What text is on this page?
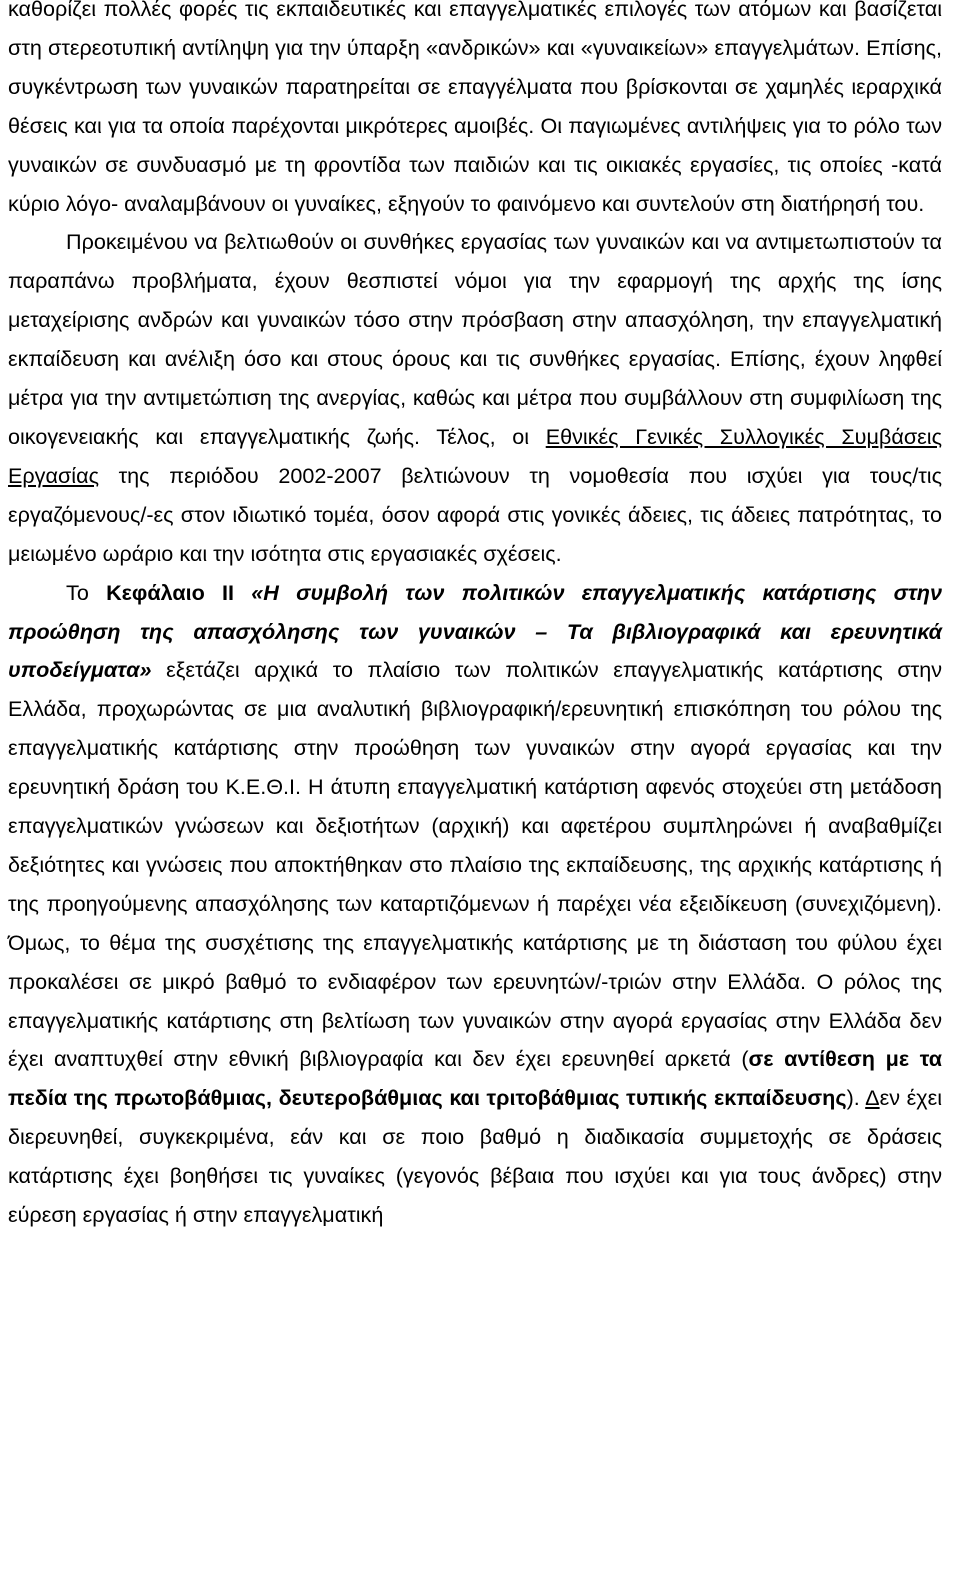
καθορίζει πολλές φορές τις εκπαιδευτικές και επαγγελματικές επιλογές των ατόμων και βασίζεται στη στερεοτυπική αντίληψη για την ύπαρξη «ανδρικών» και «γυναικείων» επαγγελμάτων. Επίσης, συγκέντρωση των γυναικών παρατηρείται σε επαγγέλματα που βρίσκονται σε χαμηλές ιεραρχικά θέσεις και για τα οποία παρέχονται μικρότερες αμοιβές. Οι παγιωμένες αντιλήψεις για το ρόλο των γυναικών σε συνδυασμό με τη φροντίδα των παιδιών και τις οικιακές εργασίες, τις οποίες -κατά κύριο λόγο- αναλαμβάνουν οι γυναίκες, εξηγούν το φαινόμενο και συντελούν στη διατήρησή του.

Προκειμένου να βελτιωθούν οι συνθήκες εργασίας των γυναικών και να αντιμετωπιστούν τα παραπάνω προβλήματα, έχουν θεσπιστεί νόμοι για την εφαρμογή της αρχής της ίσης μεταχείρισης ανδρών και γυναικών τόσο στην πρόσβαση στην απασχόληση, την επαγγελματική εκπαίδευση και ανέλιξη όσο και στους όρους και τις συνθήκες εργασίας. Επίσης, έχουν ληφθεί μέτρα για την αντιμετώπιση της ανεργίας, καθώς και μέτρα που συμβάλλουν στη συμφιλίωση της οικογενειακής και επαγγελματικής ζωής. Τέλος, οι Εθνικές Γενικές Συλλογικές Συμβάσεις Εργασίας της περιόδου 2002-2007 βελτιώνουν τη νομοθεσία που ισχύει για τους/τις εργαζόμενους/-ες στον ιδιωτικό τομέα, όσον αφορά στις γονικές άδειες, τις άδειες πατρότητας, το μειωμένο ωράριο και την ισότητα στις εργασιακές σχέσεις.

Το Κεφάλαιο ΙΙ «Η συμβολή των πολιτικών επαγγελματικής κατάρτισης στην προώθηση της απασχόλησης των γυναικών – Τα βιβλιογραφικά και ερευνητικά υποδείγματα» εξετάζει αρχικά το πλαίσιο των πολιτικών επαγγελματικής κατάρτισης στην Ελλάδα, προχωρώντας σε μια αναλυτική βιβλιογραφική/ερευνητική επισκόπηση του ρόλου της επαγγελματικής κατάρτισης στην προώθηση των γυναικών στην αγορά εργασίας και την ερευνητική δράση του Κ.Ε.Θ.Ι. Η άτυπη επαγγελματική κατάρτιση αφενός στοχεύει στη μετάδοση επαγγελματικών γνώσεων και δεξιοτήτων (αρχική) και αφετέρου συμπληρώνει ή αναβαθμίζει δεξιότητες και γνώσεις που αποκτήθηκαν στο πλαίσιο της εκπαίδευσης, της αρχικής κατάρτισης ή της προηγούμενης απασχόλησης των καταρτιζόμενων ή παρέχει νέα εξειδίκευση (συνεχιζόμενη). Όμως, το θέμα της συσχέτισης της επαγγελματικής κατάρτισης με τη διάσταση του φύλου έχει προκαλέσει σε μικρό βαθμό το ενδιαφέρον των ερευνητών/-τριών στην Ελλάδα. Ο ρόλος της επαγγελματικής κατάρτισης στη βελτίωση των γυναικών στην αγορά εργασίας στην Ελλάδα δεν έχει αναπτυχθεί στην εθνική βιβλιογραφία και δεν έχει ερευνηθεί αρκετά (σε αντίθεση με τα πεδία της πρωτοβάθμιας, δευτεροβάθμιας και τριτοβάθμιας τυπικής εκπαίδευσης). Δεν έχει διερευνηθεί, συγκεκριμένα, εάν και σε ποιο βαθμό η διαδικασία συμμετοχής σε δράσεις κατάρτισης έχει βοηθήσει τις γυναίκες (γεγονός βέβαια που ισχύει και για τους άνδρες) στην εύρεση εργασίας ή στην επαγγελματική
